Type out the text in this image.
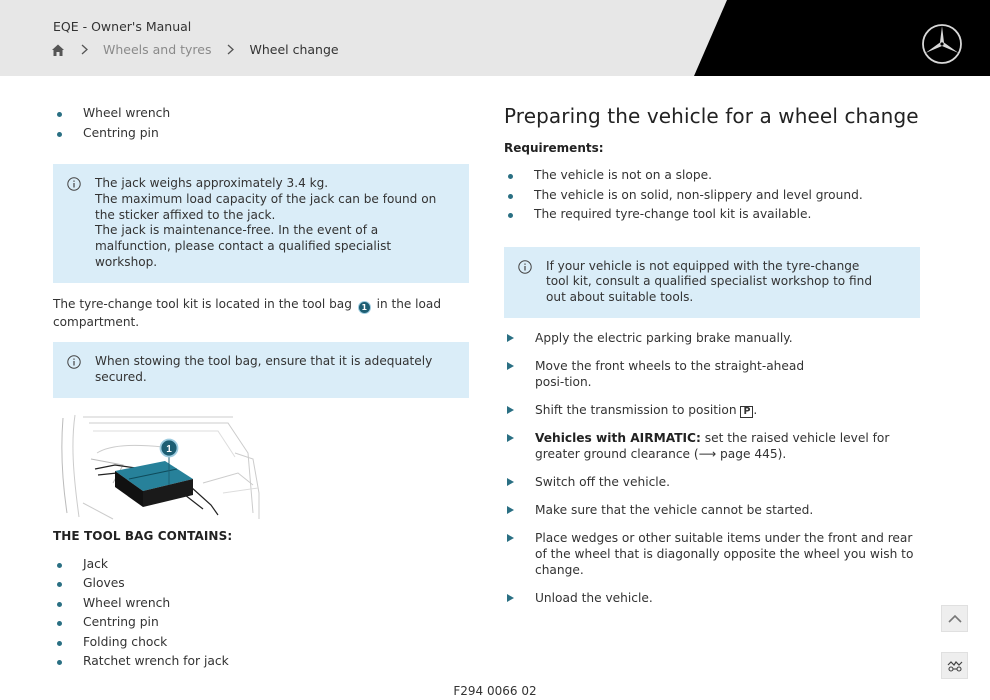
EQE - Owner's Manual
Wheels and tyres	Wheel change
Wheel wrench
Centring pin

The jack weighs approximately 3.4 kg.

The maximum load capacity of the jack can be found on the sticker affixed to the jack.

The jack is maintenance-free. In the event of a malfunction, please contact a qualified specialist workshop.

The tyre-change tool kit is located in the tool bag 1 in the load compartment.

When stowing the tool bag, ensure that it is adequately secured.

1
THE TOOL BAG CONTAINS:
Jack
Gloves
Wheel wrench
Centring pin
Folding chock
Ratchet wrench for jack
Preparing the vehicle for a wheel change
Requirements:
The vehicle is not on a slope.
The vehicle is on solid, non-slippery and level ground.
The required tyre-change tool kit is available.

If your vehicle is not equipped with the tyre-change tool kit, consult a qualified specialist workshop to find out about suitable tools.

Apply the electric parking brake manually.
Move the front wheels to the straight-ahead posi-tion.
Shift the transmission to position P .
Vehicles with AIRMATIC: set the raised vehicle level for greater ground clearance (⟶ page 445).
Switch off the vehicle.
Make sure that the vehicle cannot be started.
Place wedges or other suitable items under the front and rear of the wheel that is diagonally opposite the wheel you wish to change.
Unload the vehicle.
F294 0066 02
